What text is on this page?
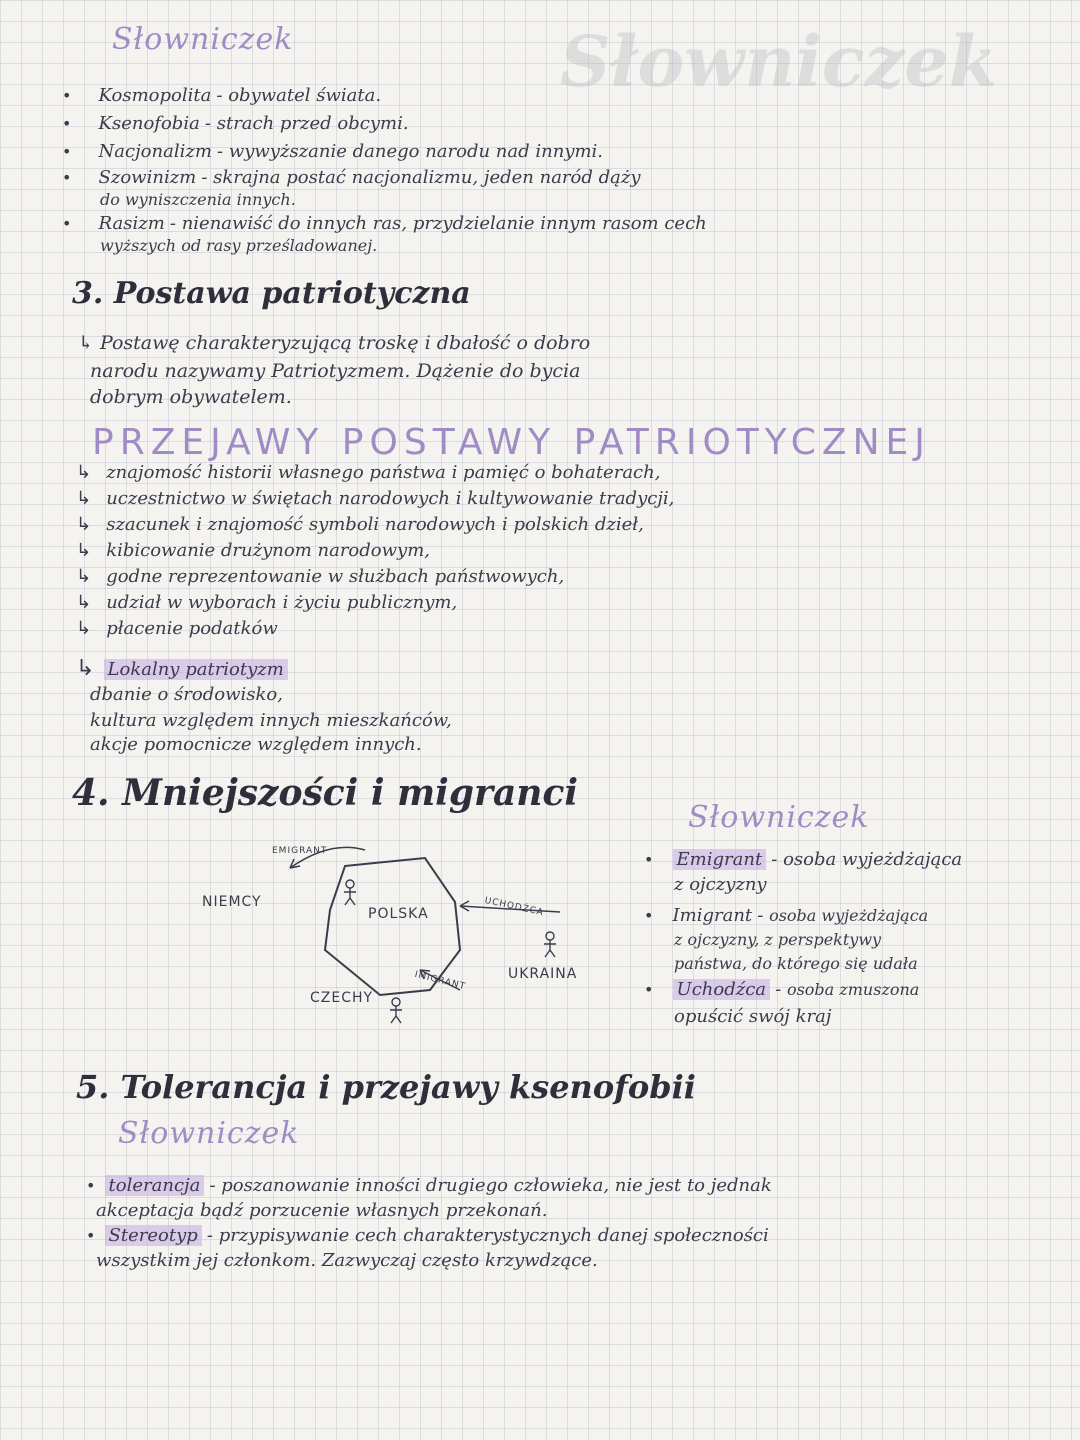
Słowniczek
Słowniczek
• Kosmopolita - obywatel świata.
• Ksenofobia - strach przed obcymi.
• Nacjonalizm - wywyższanie danego narodu nad innymi.
• Szowinizm - skrajna postać nacjonalizmu, jeden naród dąży
do wyniszczenia innych.
• Rasizm - nienawiść do innych ras, przydzielanie innym rasom cech
wyższych od rasy prześladowanej.
3. Postawa patriotyczna
↳ Postawę charakteryzującą troskę i dbałość o dobro
narodu nazywamy Patriotyzmem. Dążenie do bycia
dobrym obywatelem.
PRZEJAWY POSTAWY PATRIOTYCZNEJ
↳ znajomość historii własnego państwa i pamięć o bohaterach,
↳ uczestnictwo w świętach narodowych i kultywowanie tradycji,
↳ szacunek i znajomość symboli narodowych i polskich dzieł,
↳ kibicowanie drużynom narodowym,
↳ godne reprezentowanie w służbach państwowych,
↳ udział w wyborach i życiu publicznym,
↳ płacenie podatków
↳ Lokalny patriotyzm
dbanie o środowisko,
kultura względem innych mieszkańców,
akcje pomocnicze względem innych.
4. Mniejszości i migranci
EMIGRANT
NIEMCY
POLSKA	UCHODŹCA
UKRAINA
IMIGRANT
CZECHY
Słowniczek
• Emigrant - osoba wyjeżdżająca
z ojczyzny
• Imigrant - osoba wyjeżdżająca
z ojczyzny, z perspektywy
państwa, do którego się udała
• Uchodźca - osoba zmuszona
opuścić swój kraj
5. Tolerancja i przejawy ksenofobii
Słowniczek
• tolerancja - poszanowanie inności drugiego człowieka, nie jest to jednak
akceptacja bądź porzucenie własnych przekonań.
• Stereotyp - przypisywanie cech charakterystycznych danej społeczności
wszystkim jej członkom. Zazwyczaj często krzywdzące.
